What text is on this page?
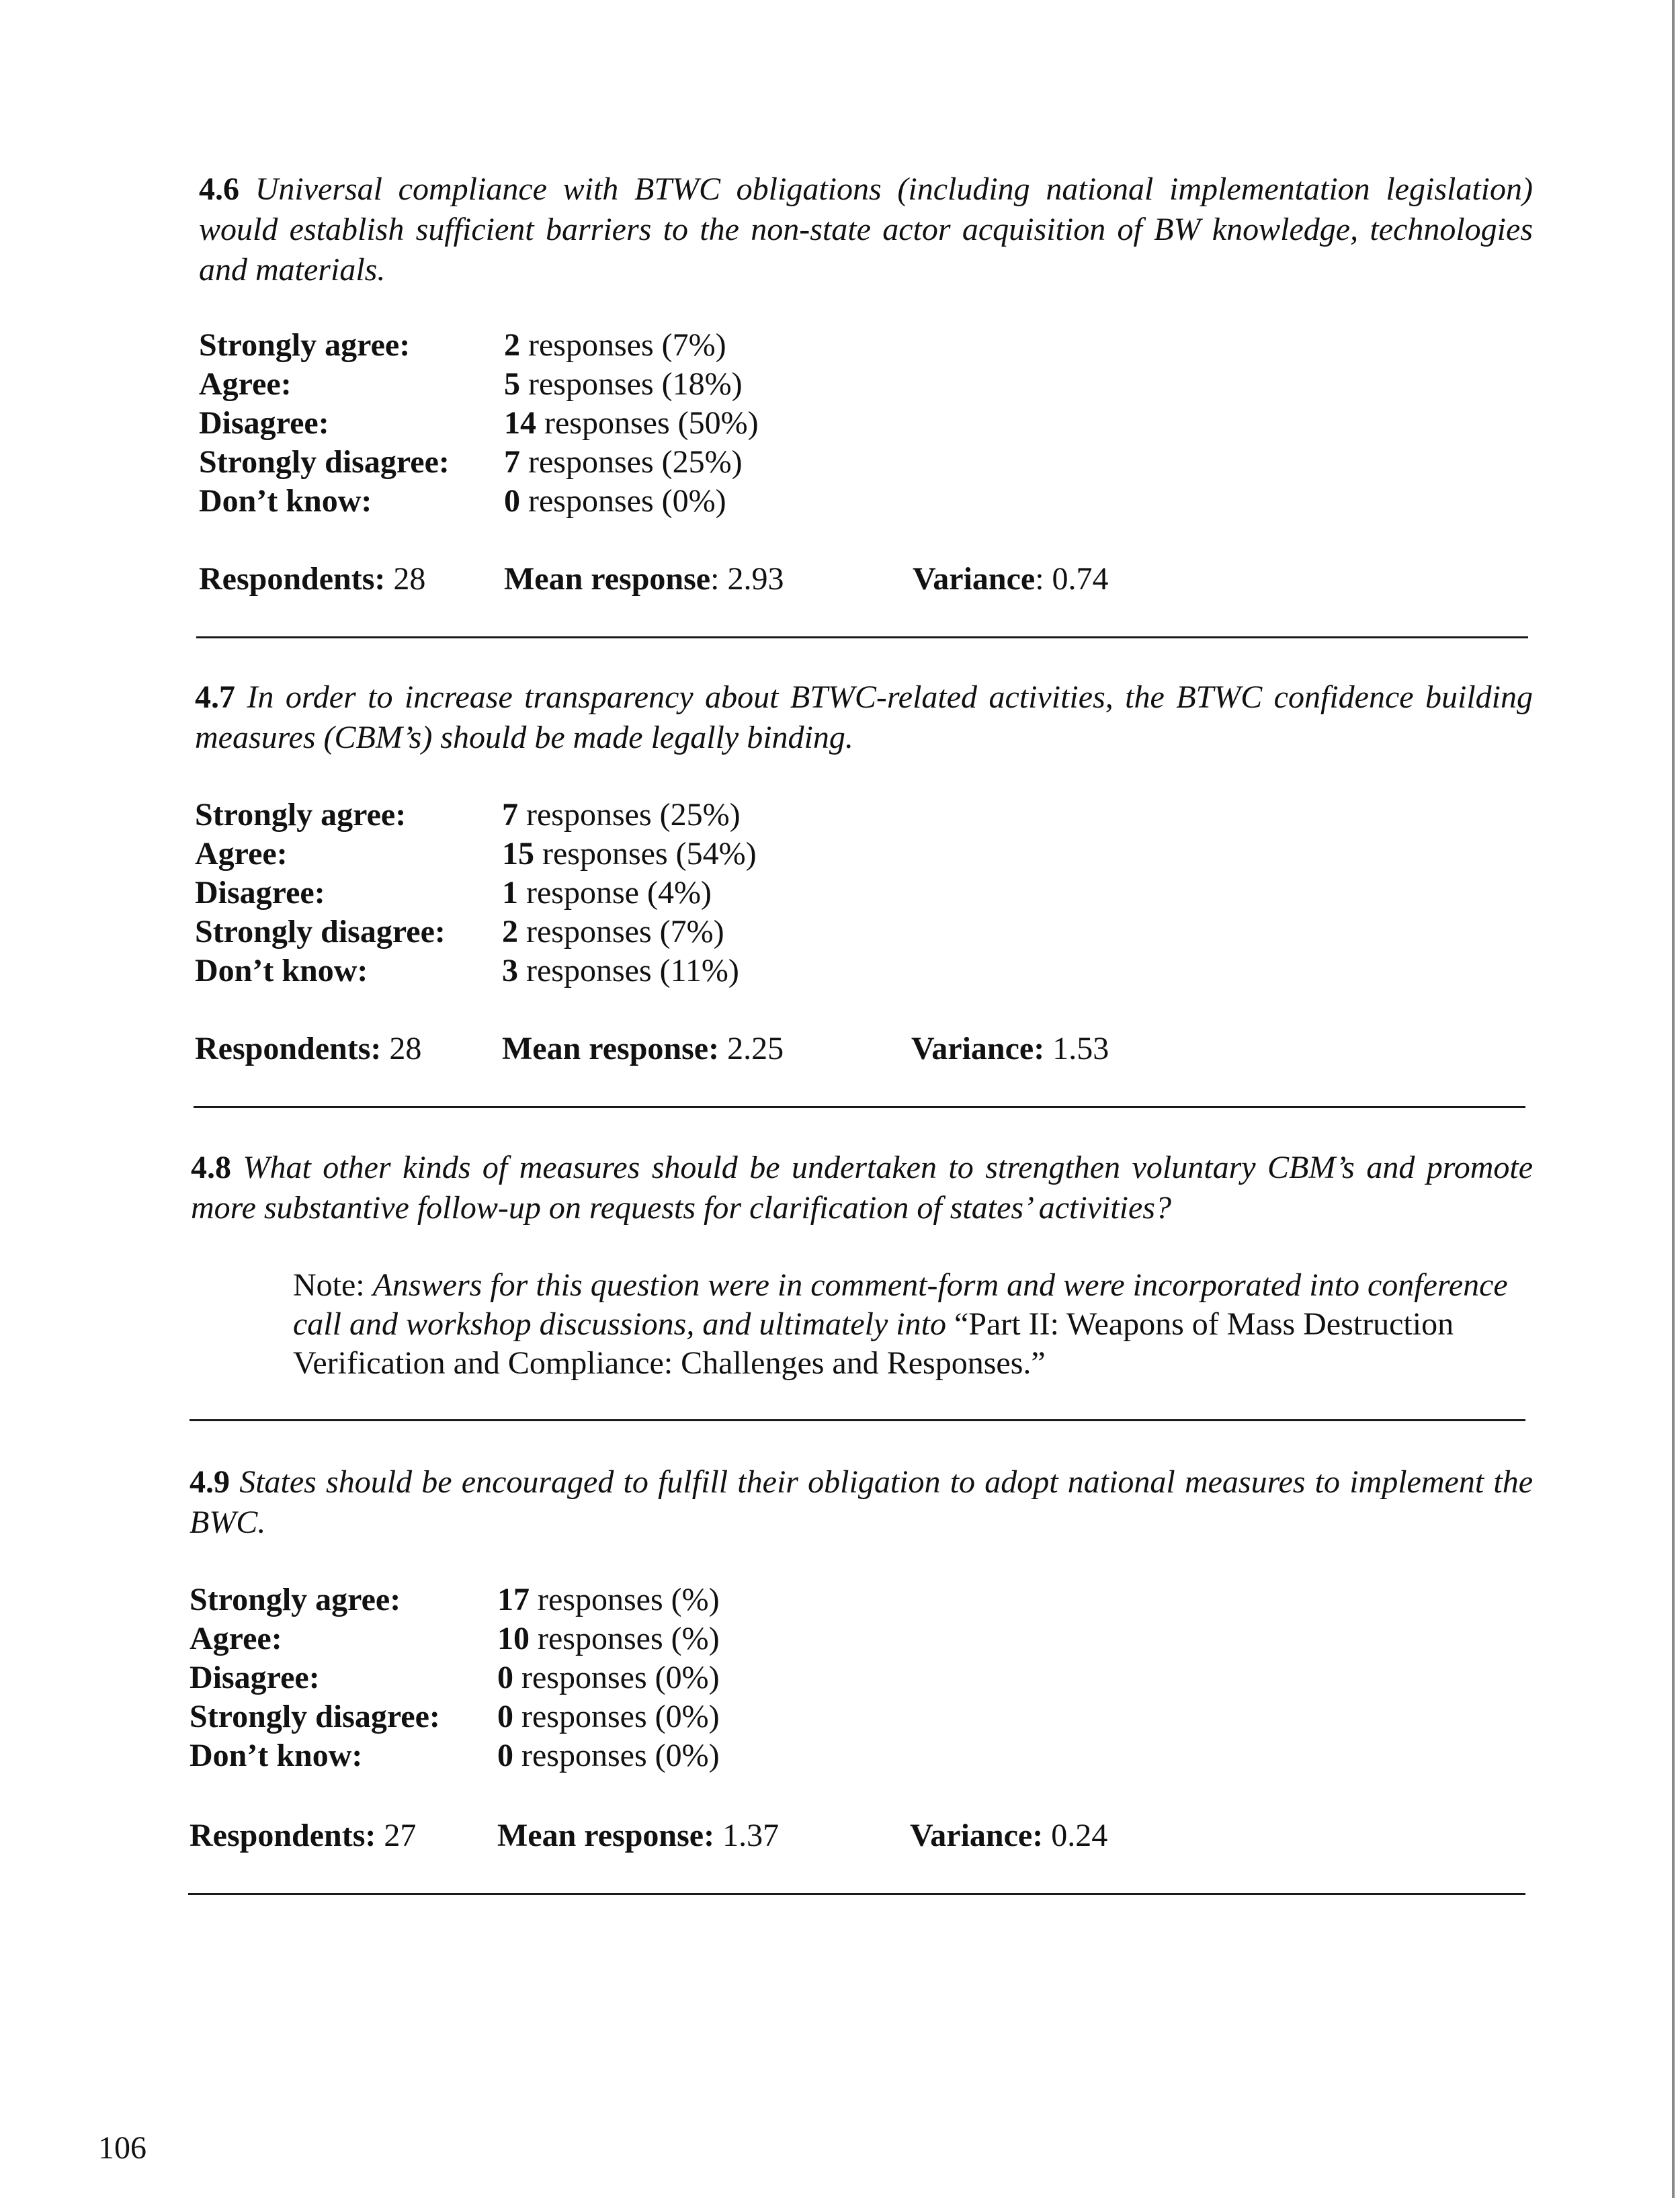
4.6 Universal compliance with BTWC obligations (including national implementation legislation) would establish sufficient barriers to the non-state actor acquisition of BW knowledge, technologies and materials.

Strongly agree:	2 responses (7%)
Agree:	5 responses (18%)
Disagree:	14 responses (50%)
Strongly disagree: 7 responses (25%)
Don’t know:	0 responses (0%)
Respondents: 28 Mean response: 2.93	Variance: 0.74

4.7 In order to increase transparency about BTWC-related activities, the BTWC confidence building measures (CBM’s) should be made legally binding.

Strongly agree:	7 responses (25%)
Agree:	15 responses (54%)
Disagree:	1 response (4%)
Strongly disagree: 2 responses (7%)
Don’t know:	3 responses (11%)
Respondents: 28 Mean response: 2.25	Variance: 1.53

4.8 What other kinds of measures should be undertaken to strengthen voluntary CBM’s and promote more substantive follow-up on requests for clarification of states’ activities?

Note: Answers for this question were in comment-form and were incorporated into conference call and workshop discussions, and ultimately into “Part II: Weapons of Mass Destruction Verification and Compliance: Challenges and Responses.”

4.9 States should be encouraged to fulfill their obligation to adopt national measures to implement the BWC.

Strongly agree:	17 responses (%)
Agree:	10 responses (%)
Disagree:	0 responses (0%)
Strongly disagree: 0 responses (0%)
Don’t know:	0 responses (0%)
Respondents: 27	Mean response: 1.37	Variance: 0.24
106
